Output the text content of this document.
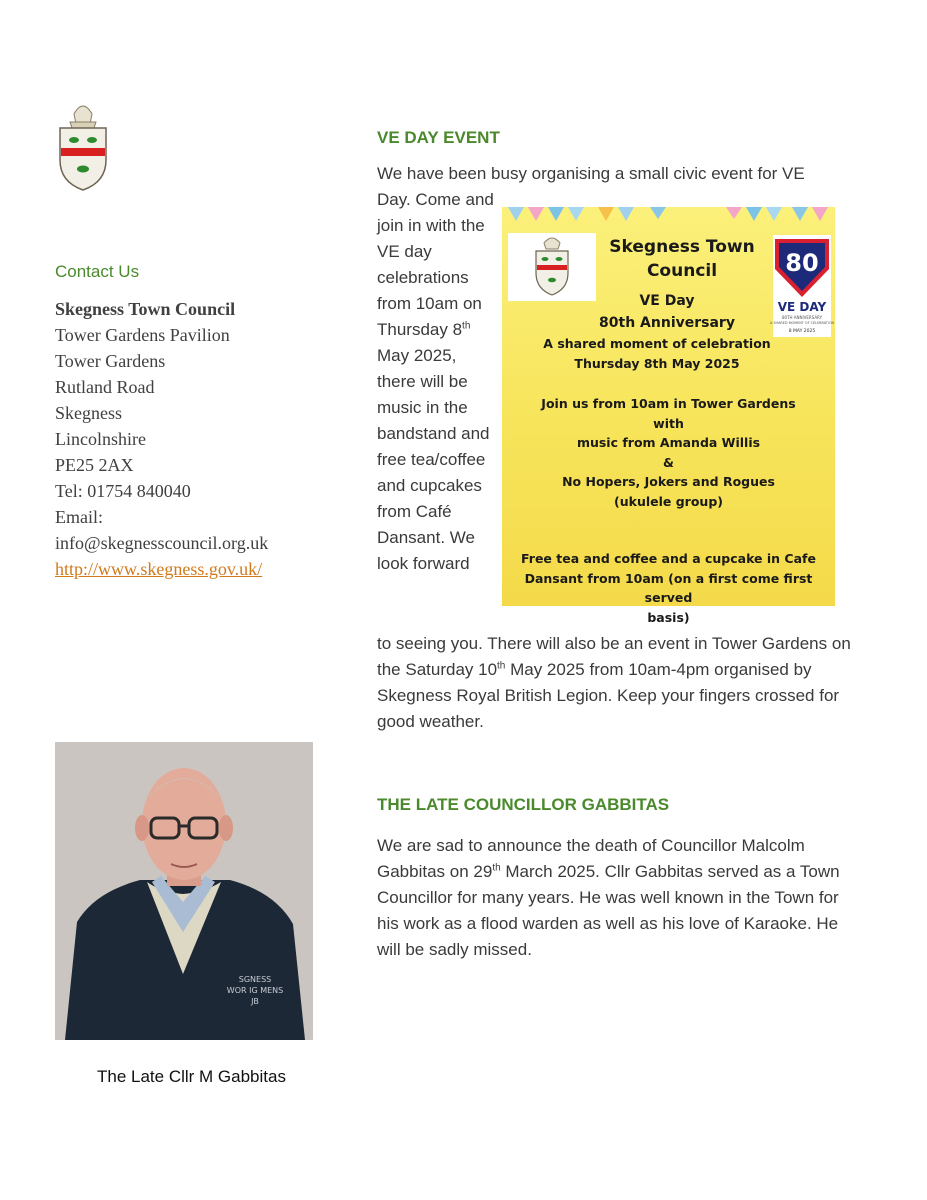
Contact Us
Skegness Town Council
Tower Gardens Pavilion
Tower Gardens
Rutland Road
Skegness
Lincolnshire
PE25 2AX
Tel: 01754 840040
Email:
info@skegnesscouncil.org.uk
http://www.skegness.gov.uk/
SGNESS
WOR IG MENS
JB
The Late Cllr M Gabbitas
VE DAY EVENT
We have been busy organising a small civic event for VE
Day. Come and join in with the VE day celebrations from 10am on Thursday 8th May 2025, there will be music in the bandstand and free tea/coffee and cupcakes from Café Dansant. We look forward
to seeing you. There will also be an event in Tower Gardens on the Saturday 10th May 2025 from 10am-4pm organised by Skegness Royal British Legion. Keep your fingers crossed for good weather.
80
VE DAY
80TH ANNIVERSARY
A SHARED MOMENT OF CELEBRATION
8 MAY 2025
Skegness Town
Council
VE Day
80th Anniversary
A shared moment of celebration
Thursday 8th May 2025
Join us from 10am in Tower Gardens
with
music from Amanda Willis
&
No Hopers, Jokers and Rogues
(ukulele group)
Free tea and coffee and a cupcake in Cafe
Dansant from 10am (on a first come first served
basis)
THE LATE COUNCILLOR GABBITAS
We are sad to announce the death of Councillor Malcolm Gabbitas on 29th March 2025. Cllr Gabbitas served as a Town Councillor for many years. He was well known in the Town for his work as a flood warden as well as his love of Karaoke. He will be sadly missed.
